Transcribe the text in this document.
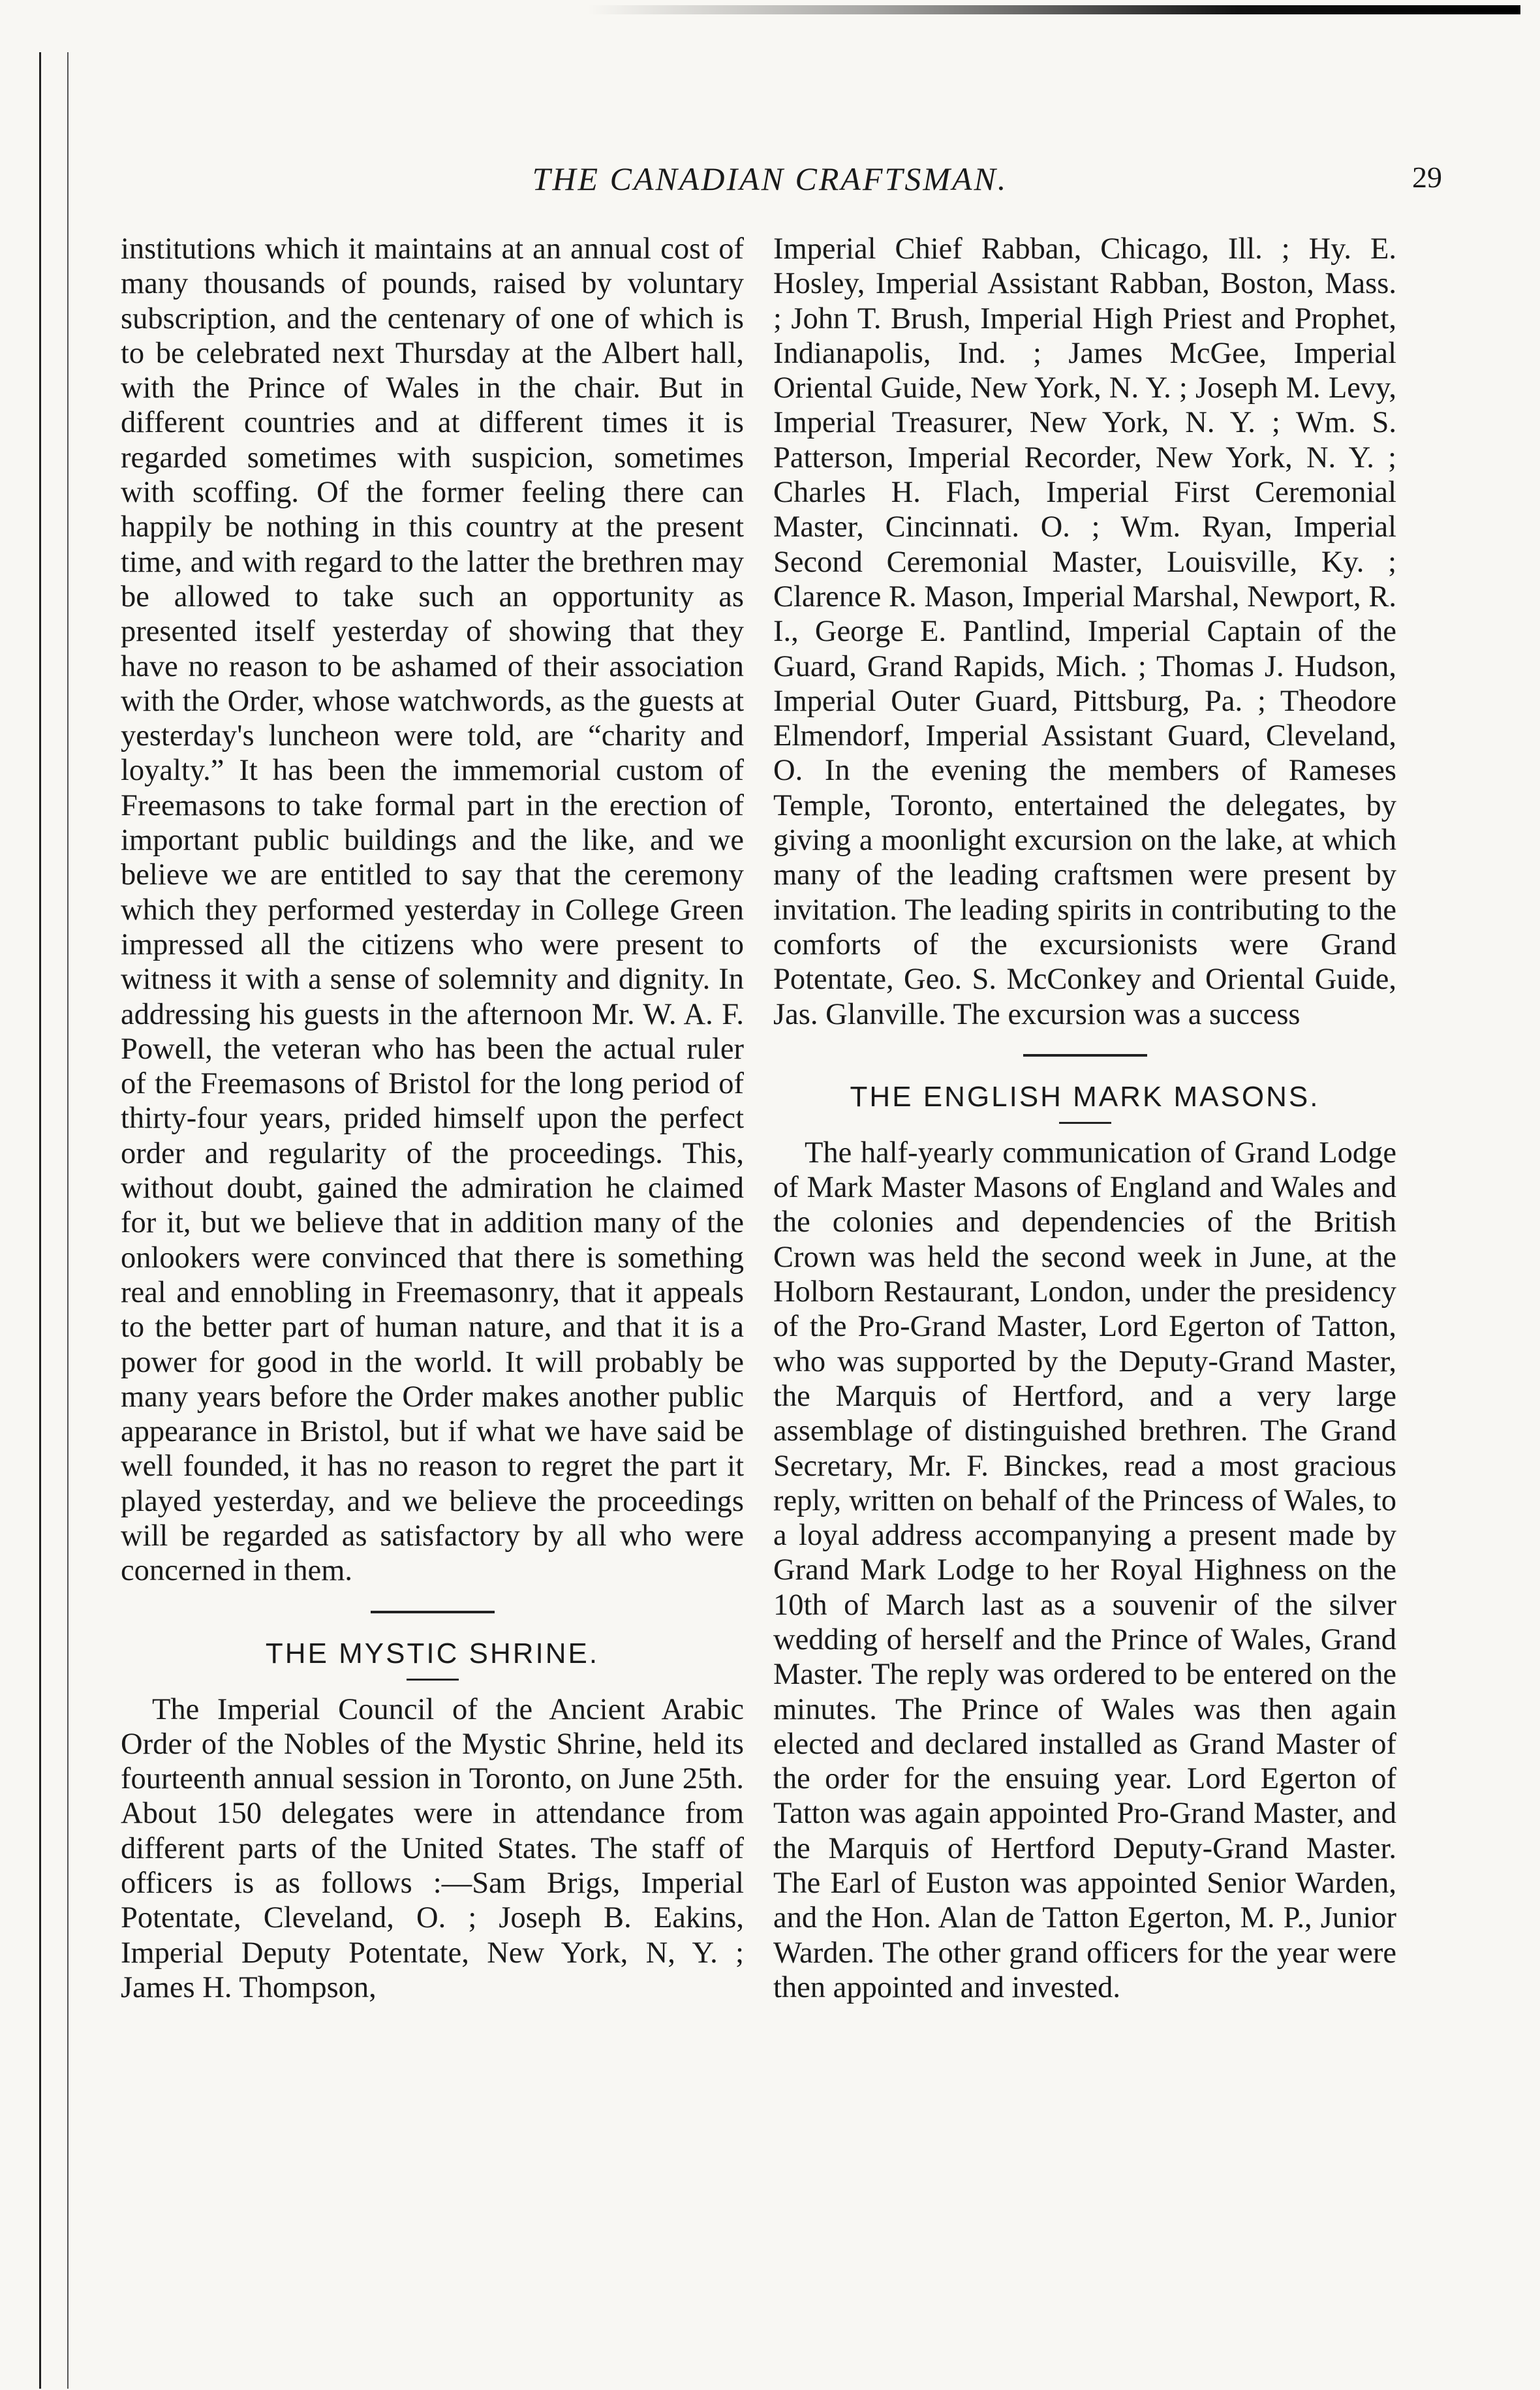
THE CANADIAN CRAFTSMAN.	29

institutions which it maintains at an annual cost of many thousands of pounds, raised by voluntary subscription, and the centenary of one of which is to be celebrated next Thursday at the Albert hall, with the Prince of Wales in the chair. But in different countries and at different times it is regarded sometimes with suspicion, sometimes with scoffing. Of the former feeling there can happily be nothing in this country at the present time, and with regard to the latter the brethren may be allowed to take such an opportunity as presented itself yesterday of showing that they have no reason to be ashamed of their association with the Order, whose watchwords, as the guests at yesterday's luncheon were told, are “charity and loyalty.” It has been the immemorial custom of Freemasons to take formal part in the erection of important public buildings and the like, and we believe we are entitled to say that the ceremony which they performed yesterday in College Green impressed all the citizens who were present to witness it with a sense of solemnity and dignity. In addressing his guests in the afternoon Mr. W. A. F. Powell, the veteran who has been the actual ruler of the Freemasons of Bristol for the long period of thirty-four years, prided himself upon the perfect order and regularity of the proceedings. This, without doubt, gained the admiration he claimed for it, but we believe that in addition many of the onlookers were convinced that there is something real and ennobling in Freemasonry, that it appeals to the better part of human nature, and that it is a power for good in the world. It will probably be many years before the Order makes another public appearance in Bristol, but if what we have said be well founded, it has no reason to regret the part it played yesterday, and we believe the proceedings will be regarded as satisfactory by all who were concerned in them.

THE MYSTIC SHRINE.

The Imperial Council of the Ancient Arabic Order of the Nobles of the Mystic Shrine, held its fourteenth annual session in Toronto, on June 25th. About 150 delegates were in attendance from different parts of the United States. The staff of officers is as follows :—Sam Brigs, Imperial Potentate, Cleveland, O. ; Joseph B. Eakins, Imperial Deputy Potentate, New York, N, Y. ; James H. Thompson,

Imperial Chief Rabban, Chicago, Ill. ; Hy. E. Hosley, Imperial Assistant Rabban, Boston, Mass. ; John T. Brush, Imperial High Priest and Prophet, Indianapolis, Ind. ; James McGee, Imperial Oriental Guide, New York, N. Y. ; Joseph M. Levy, Imperial Treasurer, New York, N. Y. ; Wm. S. Patterson, Imperial Recorder, New York, N. Y. ; Charles H. Flach, Imperial First Ceremonial Master, Cincinnati. O. ; Wm. Ryan, Imperial Second Ceremonial Master, Louisville, Ky. ; Clarence R. Mason, Imperial Marshal, Newport, R. I., George E. Pantlind, Imperial Captain of the Guard, Grand Rapids, Mich. ; Thomas J. Hudson, Imperial Outer Guard, Pittsburg, Pa. ; Theodore Elmendorf, Imperial Assistant Guard, Cleveland, O. In the evening the members of Rameses Temple, Toronto, entertained the delegates, by giving a moonlight excursion on the lake, at which many of the leading craftsmen were present by invitation. The leading spirits in contributing to the comforts of the excursionists were Grand Potentate, Geo. S. McConkey and Oriental Guide, Jas. Glanville. The excursion was a success

THE ENGLISH MARK MASONS.

The half-yearly communication of Grand Lodge of Mark Master Masons of England and Wales and the colonies and dependencies of the British Crown was held the second week in June, at the Holborn Restaurant, London, under the presidency of the Pro-Grand Master, Lord Egerton of Tatton, who was supported by the Deputy-Grand Master, the Marquis of Hertford, and a very large assemblage of distinguished brethren. The Grand Secretary, Mr. F. Binckes, read a most gracious reply, written on behalf of the Princess of Wales, to a loyal address accompanying a present made by Grand Mark Lodge to her Royal Highness on the 10th of March last as a souvenir of the silver wedding of herself and the Prince of Wales, Grand Master. The reply was ordered to be entered on the minutes. The Prince of Wales was then again elected and declared installed as Grand Master of the order for the ensuing year. Lord Egerton of Tatton was again appointed Pro-Grand Master, and the Marquis of Hertford Deputy-Grand Master. The Earl of Euston was appointed Senior Warden, and the Hon. Alan de Tatton Egerton, M. P., Junior Warden. The other grand officers for the year were then appointed and invested.
